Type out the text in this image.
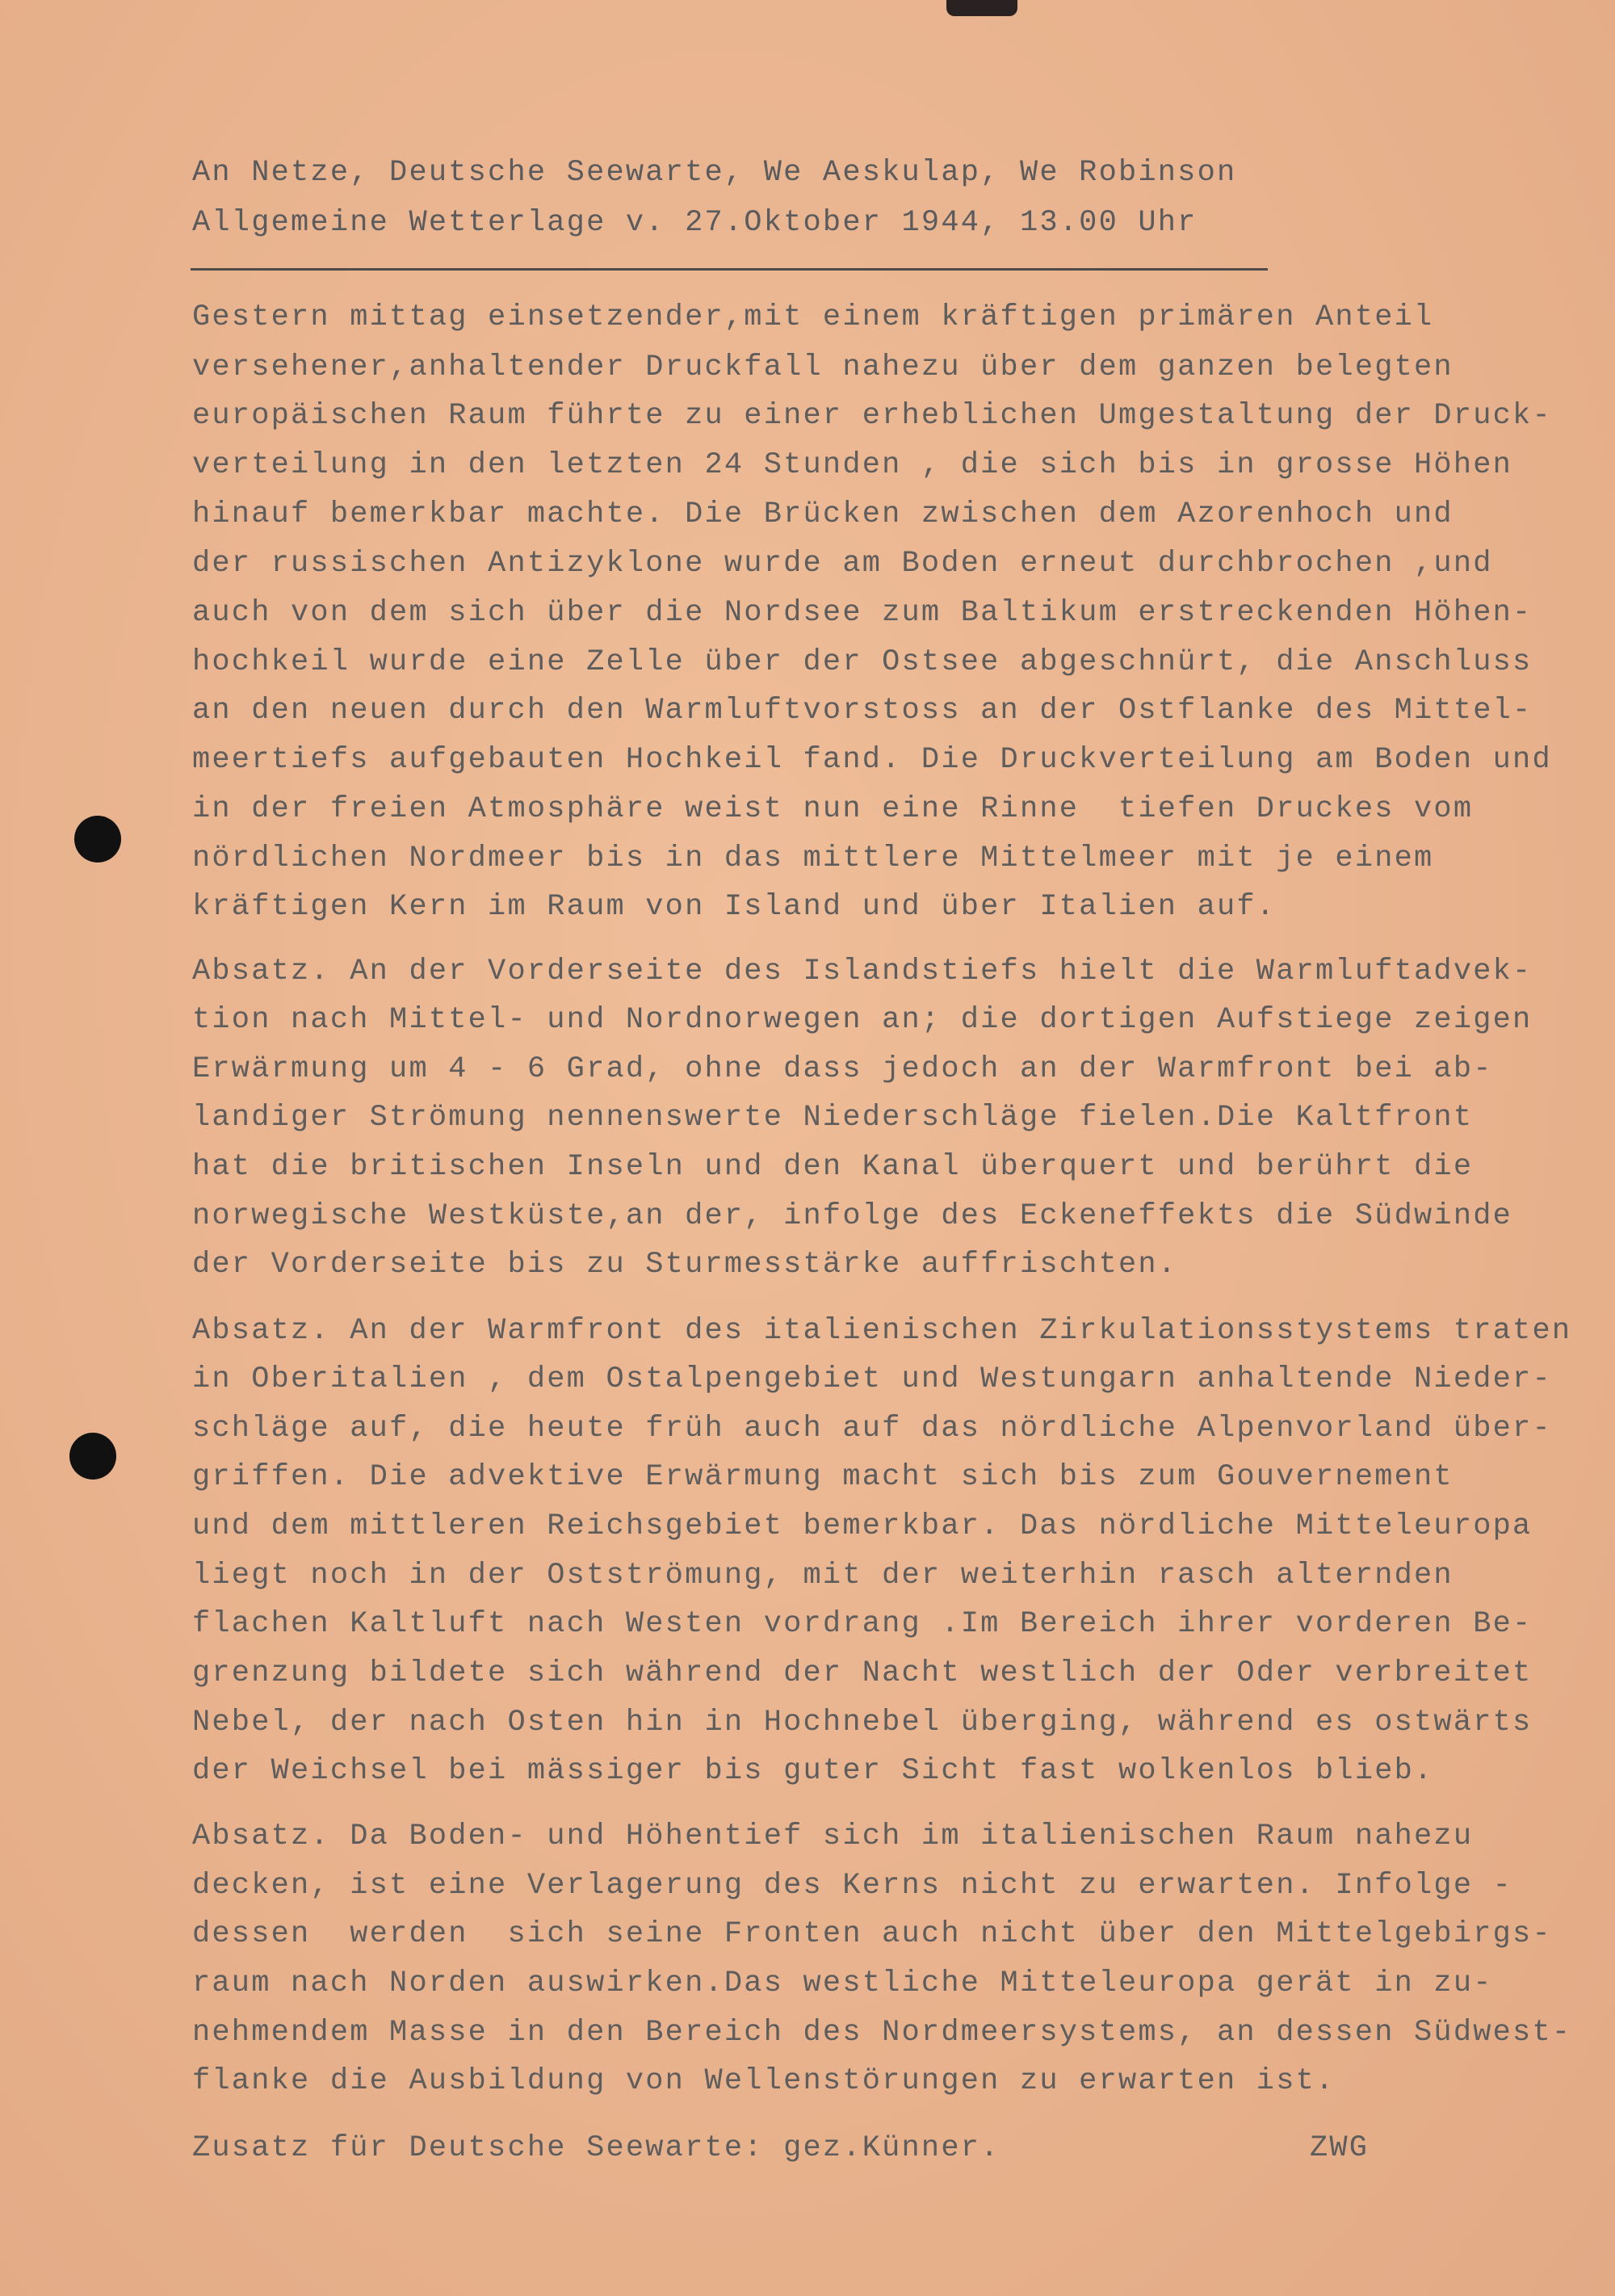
An Netze, Deutsche Seewarte, We Aeskulap, We Robinson
Allgemeine Wetterlage v. 27.Oktober 1944, 13.00 Uhr
Gestern mittag einsetzender,mit einem kräftigen primären Anteil
versehener,anhaltender Druckfall nahezu über dem ganzen belegten
europäischen Raum führte zu einer erheblichen Umgestaltung der Druck-
verteilung in den letzten 24 Stunden , die sich bis in grosse Höhen
hinauf bemerkbar machte. Die Brücken zwischen dem Azorenhoch und
der russischen Antizyklone wurde am Boden erneut durchbrochen ,und
auch von dem sich über die Nordsee zum Baltikum erstreckenden Höhen-
hochkeil wurde eine Zelle über der Ostsee abgeschnürt, die Anschluss
an den neuen durch den Warmluftvorstoss an der Ostflanke des Mittel-
meertiefs aufgebauten Hochkeil fand. Die Druckverteilung am Boden und
in der freien Atmosphäre weist nun eine Rinne  tiefen Druckes vom
nördlichen Nordmeer bis in das mittlere Mittelmeer mit je einem
kräftigen Kern im Raum von Island und über Italien auf.
Absatz. An der Vorderseite des Islandstiefs hielt die Warmluftadvek-
tion nach Mittel- und Nordnorwegen an; die dortigen Aufstiege zeigen
Erwärmung um 4 - 6 Grad, ohne dass jedoch an der Warmfront bei ab-
landiger Strömung nennenswerte Niederschläge fielen.Die Kaltfront
hat die britischen Inseln und den Kanal überquert und berührt die
norwegische Westküste,an der, infolge des Eckeneffekts die Südwinde
der Vorderseite bis zu Sturmesstärke auffrischten.
Absatz. An der Warmfront des italienischen Zirkulationsstystems traten
in Oberitalien , dem Ostalpengebiet und Westungarn anhaltende Nieder-
schläge auf, die heute früh auch auf das nördliche Alpenvorland über-
griffen. Die advektive Erwärmung macht sich bis zum Gouvernement
und dem mittleren Reichsgebiet bemerkbar. Das nördliche Mitteleuropa
liegt noch in der Ostströmung, mit der weiterhin rasch alternden
flachen Kaltluft nach Westen vordrang .Im Bereich ihrer vorderen Be-
grenzung bildete sich während der Nacht westlich der Oder verbreitet
Nebel, der nach Osten hin in Hochnebel überging, während es ostwärts
der Weichsel bei mässiger bis guter Sicht fast wolkenlos blieb.
Absatz. Da Boden- und Höhentief sich im italienischen Raum nahezu
decken, ist eine Verlagerung des Kerns nicht zu erwarten. Infolge -
dessen  werden  sich seine Fronten auch nicht über den Mittelgebirgs-
raum nach Norden auswirken.Das westliche Mitteleuropa gerät in zu-
nehmendem Masse in den Bereich des Nordmeersystems, an dessen Südwest-
flanke die Ausbildung von Wellenstörungen zu erwarten ist.
Zusatz für Deutsche Seewarte: gez.Künner.	ZWG
